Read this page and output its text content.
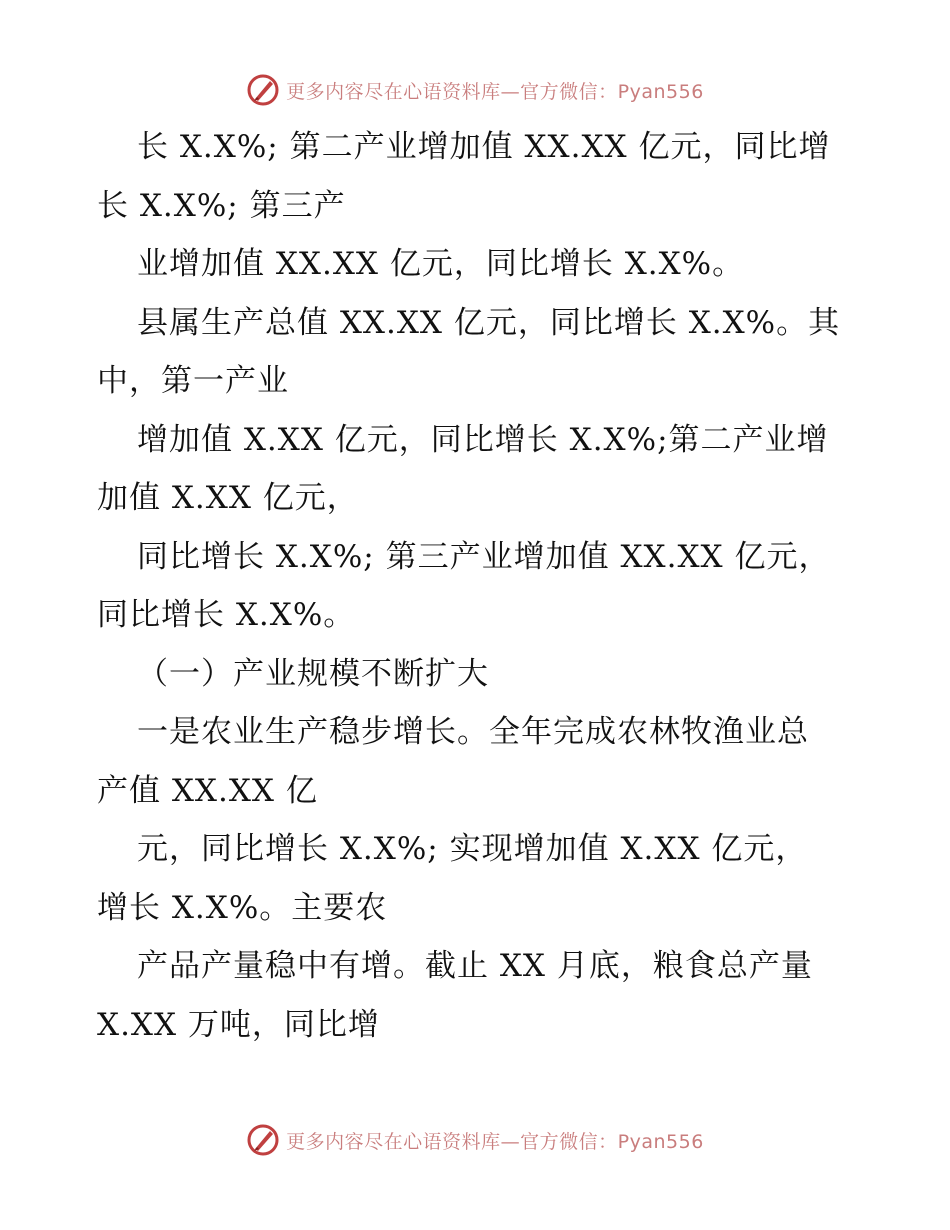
更多内容尽在心语资料库—官方微信：Pyan556
长 X.X%; 第二产业增加值 XX.XX 亿元，同比增
长 X.X%; 第三产
业增加值 XX.XX 亿元，同比增长 X.X%。
县属生产总值 XX.XX 亿元，同比增长 X.X%。其
中，第一产业
增加值 X.XX 亿元，同比增长 X.X%;第二产业增
加值 X.XX 亿元，
同比增长 X.X%; 第三产业增加值 XX.XX 亿元，
同比增长 X.X%。
（一）产业规模不断扩大
一是农业生产稳步增长。全年完成农林牧渔业总
产值 XX.XX 亿
元，同比增长 X.X%; 实现增加值 X.XX 亿元，
增长 X.X%。主要农
产品产量稳中有增。截止 XX 月底，粮食总产量
X.XX 万吨，同比增
更多内容尽在心语资料库—官方微信：Pyan556
